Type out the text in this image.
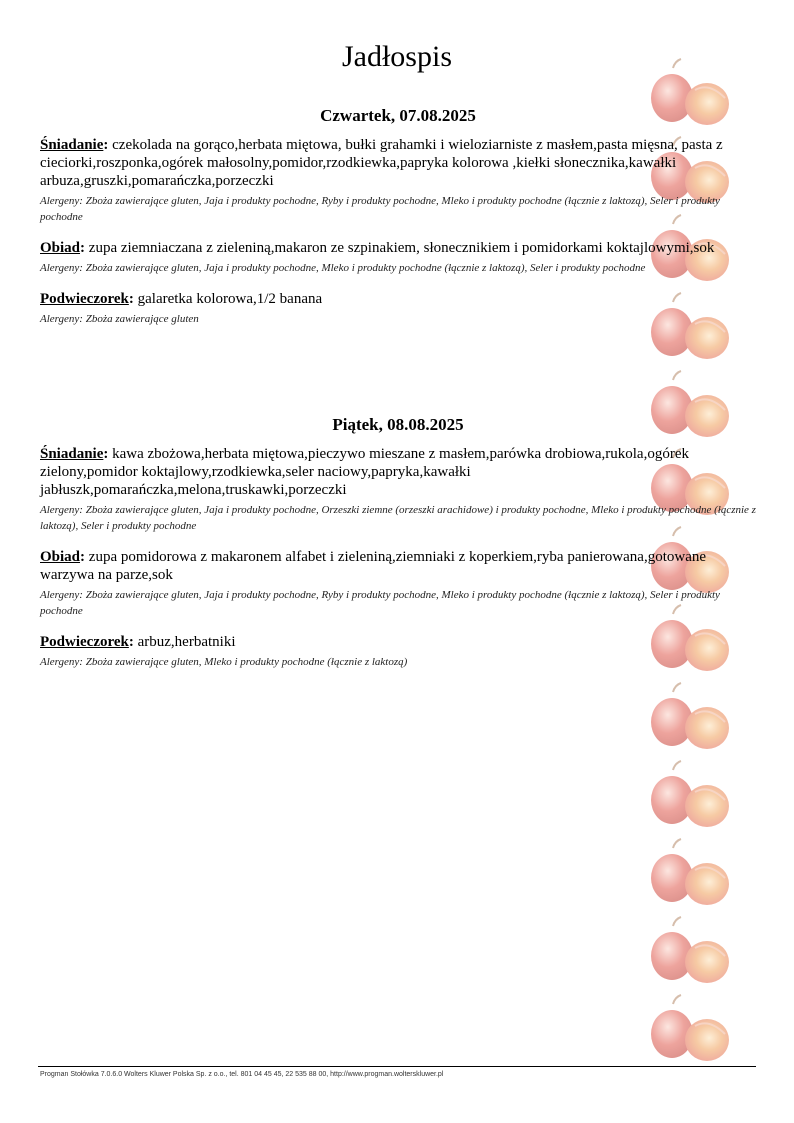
Jadłospis
Czwartek, 07.08.2025

Śniadanie: czekolada na gorąco,herbata miętowa, bułki grahamki i wieloziarniste z masłem,pasta mięsna, pasta z cieciorki,roszponka,ogórek małosolny,pomidor,rzodkiewka,papryka kolorowa ,kiełki słonecznika,kawałki arbuza,gruszki,pomarańczka,porzeczki

Alergeny: Zboża zawierające gluten, Jaja i produkty pochodne, Ryby i produkty pochodne, Mleko i produkty pochodne (łącznie z laktozą), Seler i produkty pochodne

Obiad: zupa ziemniaczana z zieleniną,makaron ze szpinakiem, słonecznikiem i pomidorkami koktajlowymi,sok

Alergeny: Zboża zawierające gluten, Jaja i produkty pochodne, Mleko i produkty pochodne (łącznie z laktozą), Seler i produkty pochodne

Podwieczorek: galaretka kolorowa,1/2 banana

Alergeny: Zboża zawierające gluten

Piątek, 08.08.2025

Śniadanie: kawa zbożowa,herbata miętowa,pieczywo mieszane z masłem,parówka drobiowa,rukola,ogórek zielony,pomidor koktajlowy,rzodkiewka,seler naciowy,papryka,kawałki jabłuszk,pomarańczka,melona,truskawki,porzeczki

Alergeny: Zboża zawierające gluten, Jaja i produkty pochodne, Orzeszki ziemne (orzeszki arachidowe) i produkty pochodne, Mleko i produkty pochodne (łącznie z laktozą), Seler i produkty pochodne

Obiad: zupa pomidorowa z makaronem alfabet i zieleniną,ziemniaki z koperkiem,ryba panierowana,gotowane warzywa na parze,sok

Alergeny: Zboża zawierające gluten, Jaja i produkty pochodne, Ryby i produkty pochodne, Mleko i produkty pochodne (łącznie z laktozą), Seler i produkty pochodne

Podwieczorek: arbuz,herbatniki

Alergeny: Zboża zawierające gluten, Mleko i produkty pochodne (łącznie z laktozą)

Progman Stołówka 7.0.6.0 Wolters Kluwer Polska Sp. z o.o., tel. 801 04 45 45, 22 535 88 00, http://www.progman.wolterskluwer.pl
